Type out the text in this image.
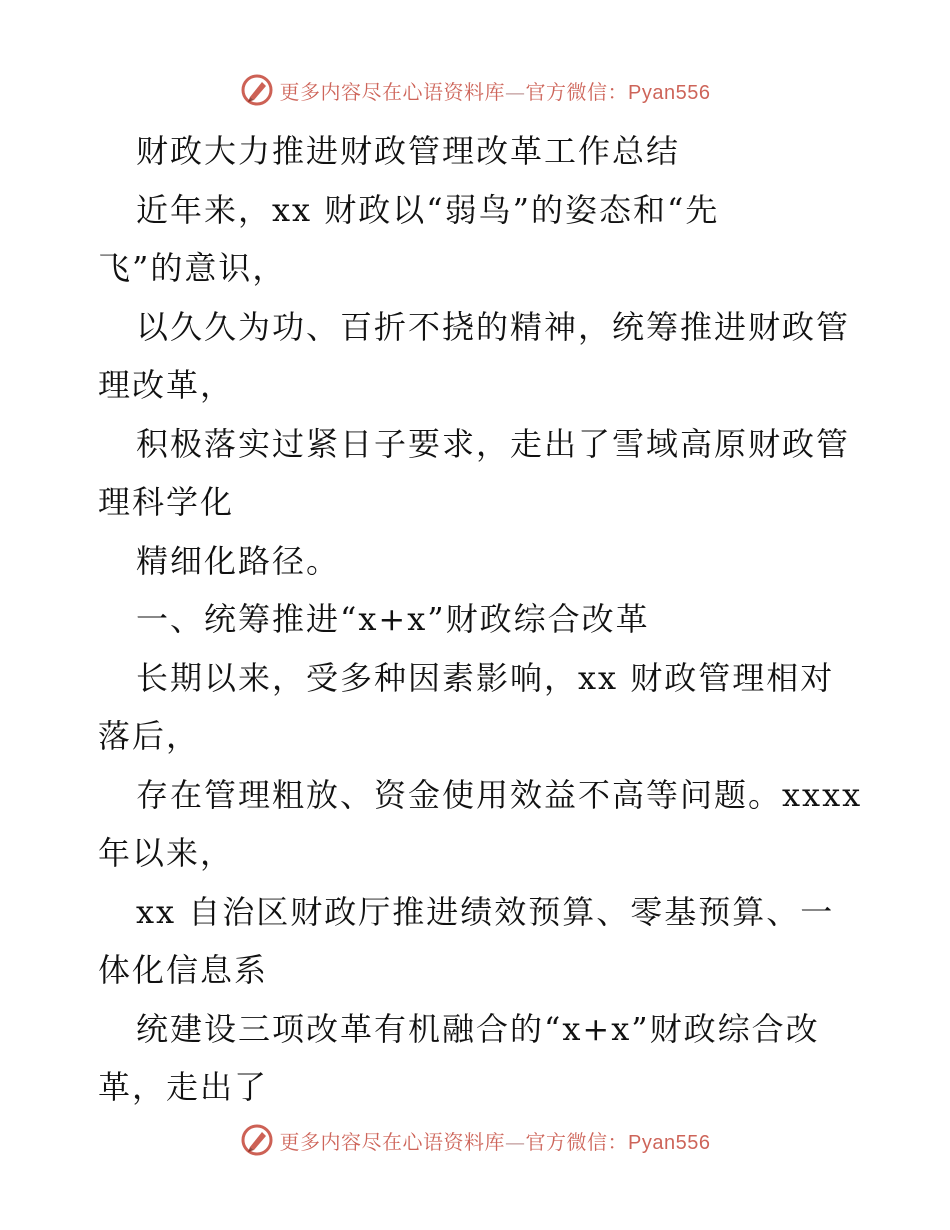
更多内容尽在心语资料库—官方微信：Pyan556
财政大力推进财政管理改革工作总结
近年来，xx 财政以“弱鸟”的姿态和“先
飞”的意识，
以久久为功、百折不挠的精神，统筹推进财政管
理改革，
积极落实过紧日子要求，走出了雪域高原财政管
理科学化
精细化路径。
一、统筹推进“x+x”财政综合改革
长期以来，受多种因素影响，xx 财政管理相对
落后，
存在管理粗放、资金使用效益不高等问题。xxxx
年以来，
xx 自治区财政厅推进绩效预算、零基预算、一
体化信息系
统建设三项改革有机融合的“x+x”财政综合改
革，走出了
更多内容尽在心语资料库—官方微信：Pyan556
